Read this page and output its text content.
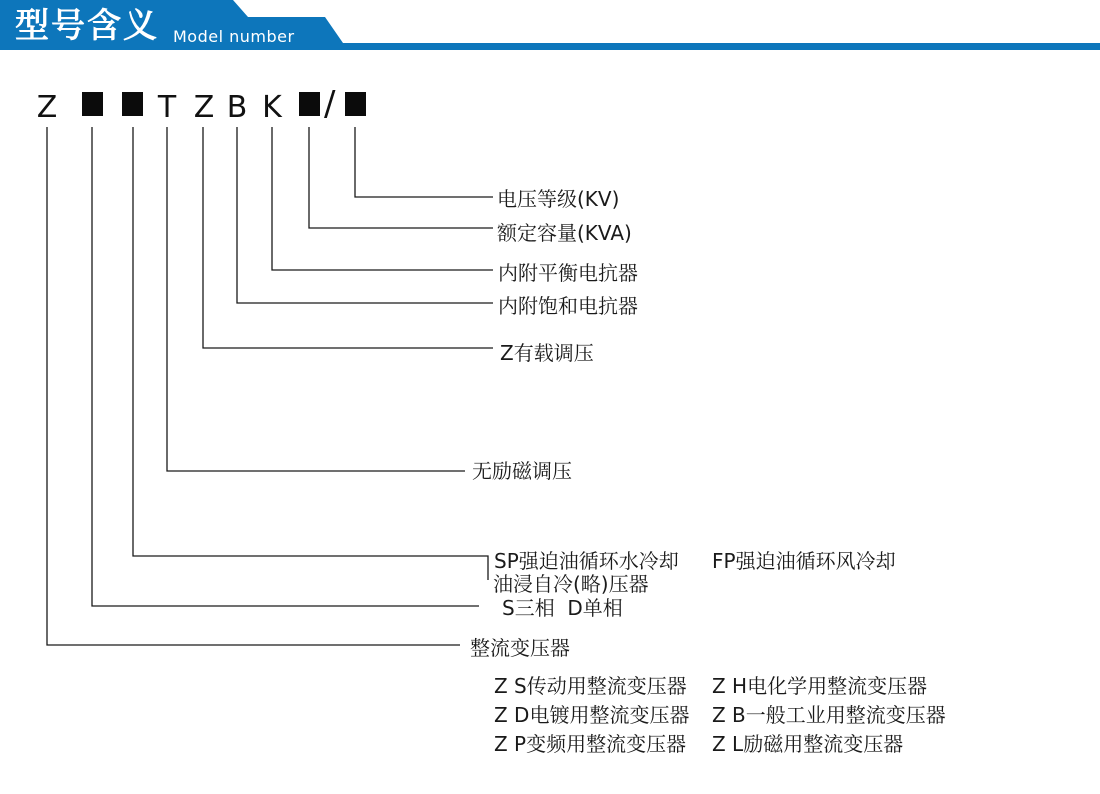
型号含义 Model number
Z	T Z B K /
电压等级(KV)
额定容量(KVA)
内附平衡电抗器
内附饱和电抗器
Z有载调压
无励磁调压
SP强迫油循环水冷却 FP强迫油循环风冷却
油浸自冷(略)压器
S三相  D单相
整流变压器
Z S传动用整流变压器 Z H电化学用整流变压器
Z D电镀用整流变压器 Z B一般工业用整流变压器
Z P变频用整流变压器 Z L励磁用整流变压器
